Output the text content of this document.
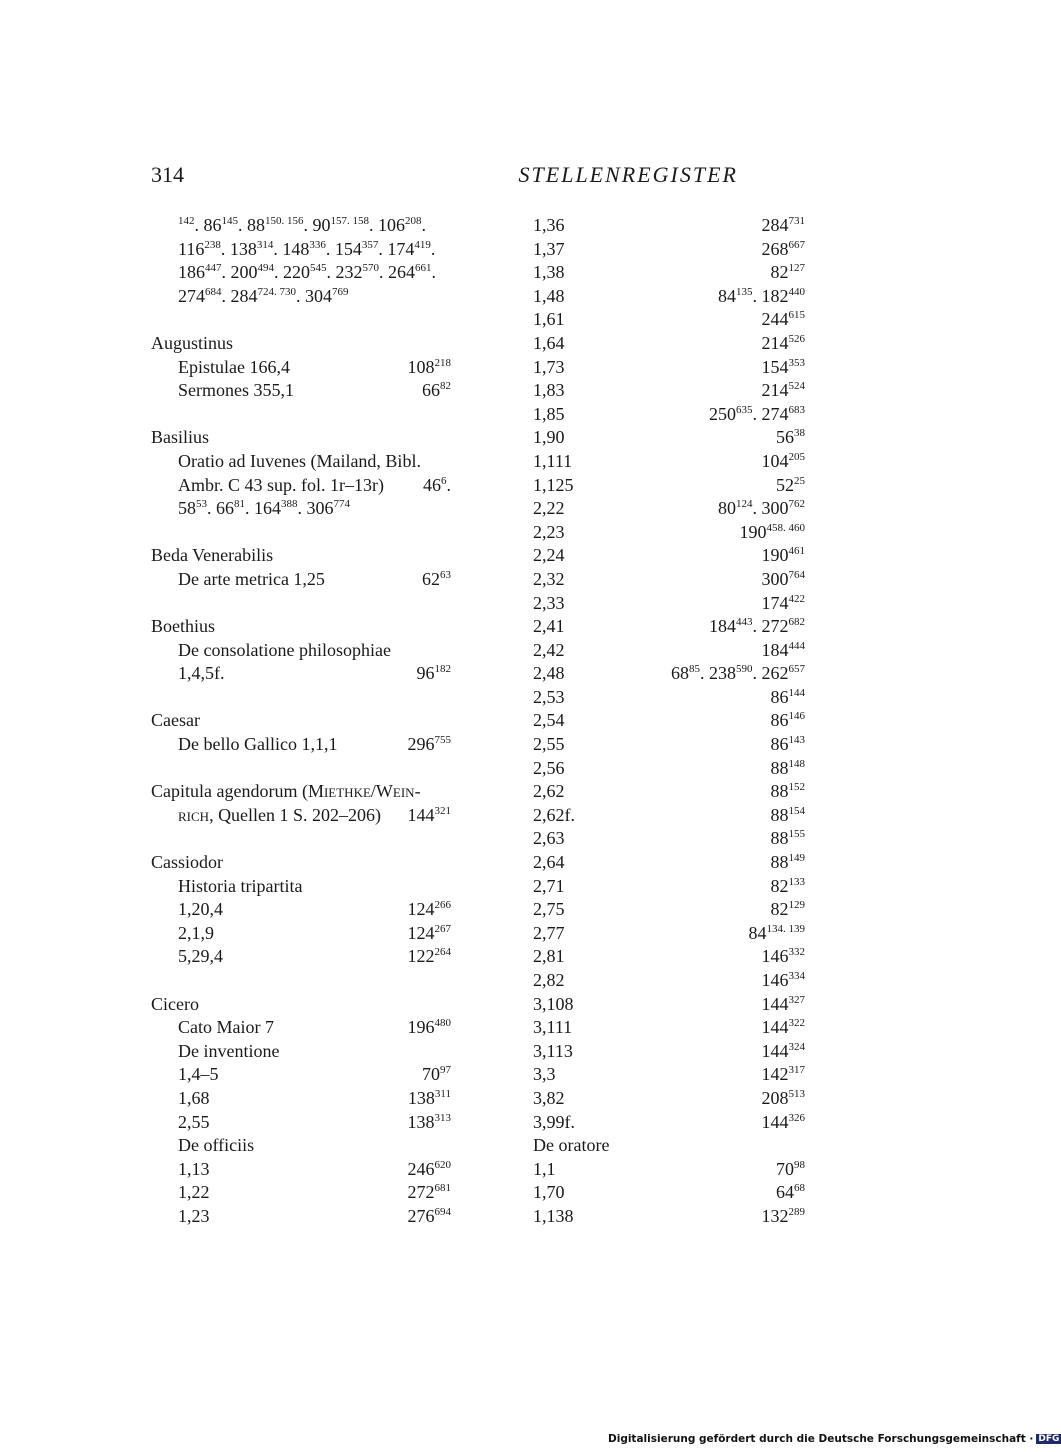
314	STELLENREGISTER
$^{142}$. $86^{145}$. $88^{150. 156}$. $90^{157. 158}$. $106^{208}$.
$116^{238}$. $138^{314}$. $148^{336}$. $154^{357}$. $174^{419}$.
$186^{447}$. $200^{494}$. $220^{545}$. $232^{570}$. $264^{661}$.
$274^{684}$. $284^{724. 730}$. $304^{769}$
Augustinus
Epistulae 166,4	$108^{218}$
Sermones 355,1	$66^{82}$
Basilius
Oratio ad Iuvenes (Mailand, Bibl.
Ambr. C 43 sup. fol. 1r–13r) $46^6$.
$58^{53}$. $66^{81}$. $164^{388}$. $306^{774}$
Beda Venerabilis
De arte metrica 1,25	$62^{63}$
Boethius
De consolatione philosophiae
1,4,5f.	$96^{182}$
Caesar
De bello Gallico 1,1,1	$296^{755}$
Capitula agendorum (Miethke/Wein-
rich, Quellen 1 S. 202–206) $144^{321}$
Cassiodor
Historia tripartita
1,20,4	$124^{266}$
2,1,9	$124^{267}$
5,29,4	$122^{264}$
Cicero
Cato Maior 7	$196^{480}$
De inventione
1,4–5	$70^{97}$
1,68	$138^{311}$
2,55	$138^{313}$
De officiis
1,13	$246^{620}$
1,22	$272^{681}$
1,23	$276^{694}$
1,36	$284^{731}$
1,37	$268^{667}$
1,38	$82^{127}$
1,48	$84^{135}$. $182^{440}$
1,61	$244^{615}$
1,64	$214^{526}$
1,73	$154^{353}$
1,83	$214^{524}$
1,85	$250^{635}$. $274^{683}$
1,90	$56^{38}$
1,111	$104^{205}$
1,125	$52^{25}$
2,22	$80^{124}$. $300^{762}$
2,23	$190^{458. 460}$
2,24	$190^{461}$
2,32	$300^{764}$
2,33	$174^{422}$
2,41	$184^{443}$. $272^{682}$
2,42	$184^{444}$
2,48	$68^{85}$. $238^{590}$. $262^{657}$
2,53	$86^{144}$
2,54	$86^{146}$
2,55	$86^{143}$
2,56	$88^{148}$
2,62	$88^{152}$
2,62f.	$88^{154}$
2,63	$88^{155}$
2,64	$88^{149}$
2,71	$82^{133}$
2,75	$82^{129}$
2,77	$84^{134. 139}$
2,81	$146^{332}$
2,82	$146^{334}$
3,108	$144^{327}$
3,111	$144^{322}$
3,113	$144^{324}$
3,3	$142^{317}$
3,82	$208^{513}$
3,99f.	$144^{326}$
De oratore
1,1	$70^{98}$
1,70	$64^{68}$
1,138	$132^{289}$
Digitalisierung gefördert durch die Deutsche Forschungsgemeinschaft · DFG
